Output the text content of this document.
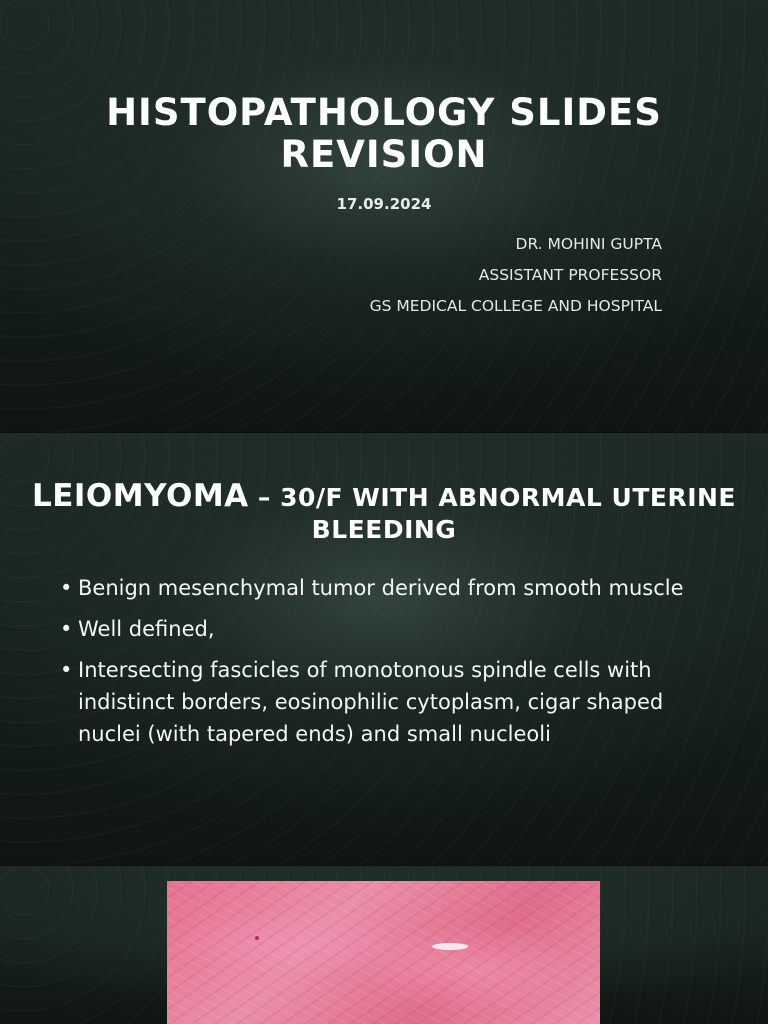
HISTOPATHOLOGY SLIDES REVISION
17.09.2024
DR. MOHINI GUPTA
ASSISTANT PROFESSOR
GS MEDICAL COLLEGE AND HOSPITAL
LEIOMYOMA – 30/F WITH ABNORMAL UTERINE BLEEDING
• Benign mesenchymal tumor derived from smooth muscle
• Well defined,
• Intersecting fascicles of monotonous spindle cells with indistinct borders, eosinophilic cytoplasm, cigar shaped nuclei (with tapered ends) and small nucleoli
